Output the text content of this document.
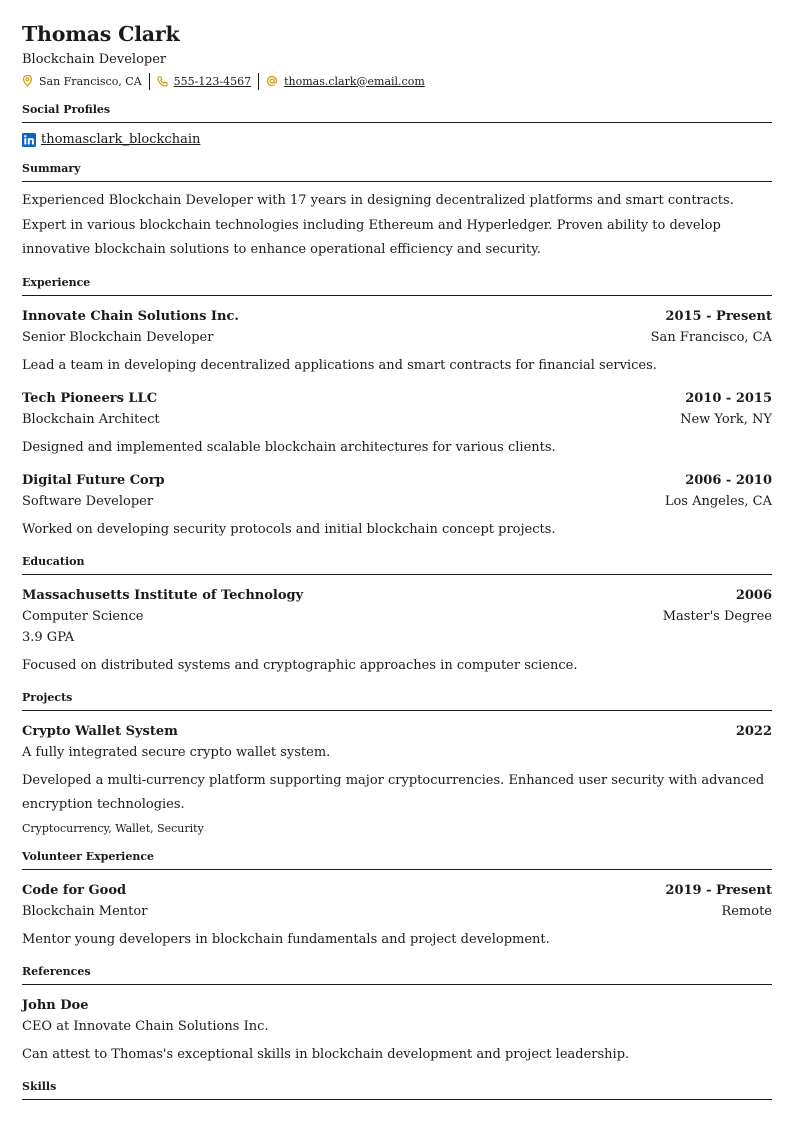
Thomas Clark
Blockchain Developer
San Francisco, CA	555-123-4567	thomas.clark@email.com
Social Profiles
thomasclark_blockchain
Summary
Experienced Blockchain Developer with 17 years in designing decentralized platforms and smart contracts. Expert in various blockchain technologies including Ethereum and Hyperledger. Proven ability to develop innovative blockchain solutions to enhance operational efficiency and security.
Experience
Innovate Chain Solutions Inc.	2015 - Present
Senior Blockchain Developer	San Francisco, CA
Lead a team in developing decentralized applications and smart contracts for financial services.
Tech Pioneers LLC	2010 - 2015
Blockchain Architect	New York, NY
Designed and implemented scalable blockchain architectures for various clients.
Digital Future Corp	2006 - 2010
Software Developer	Los Angeles, CA
Worked on developing security protocols and initial blockchain concept projects.
Education
Massachusetts Institute of Technology	2006
Computer Science	Master's Degree
3.9 GPA
Focused on distributed systems and cryptographic approaches in computer science.
Projects
Crypto Wallet System	2022
A fully integrated secure crypto wallet system.
Developed a multi-currency platform supporting major cryptocurrencies. Enhanced user security with advanced encryption technologies.
Cryptocurrency, Wallet, Security
Volunteer Experience
Code for Good	2019 - Present
Blockchain Mentor	Remote
Mentor young developers in blockchain fundamentals and project development.
References
John Doe
CEO at Innovate Chain Solutions Inc.
Can attest to Thomas's exceptional skills in blockchain development and project leadership.
Skills
